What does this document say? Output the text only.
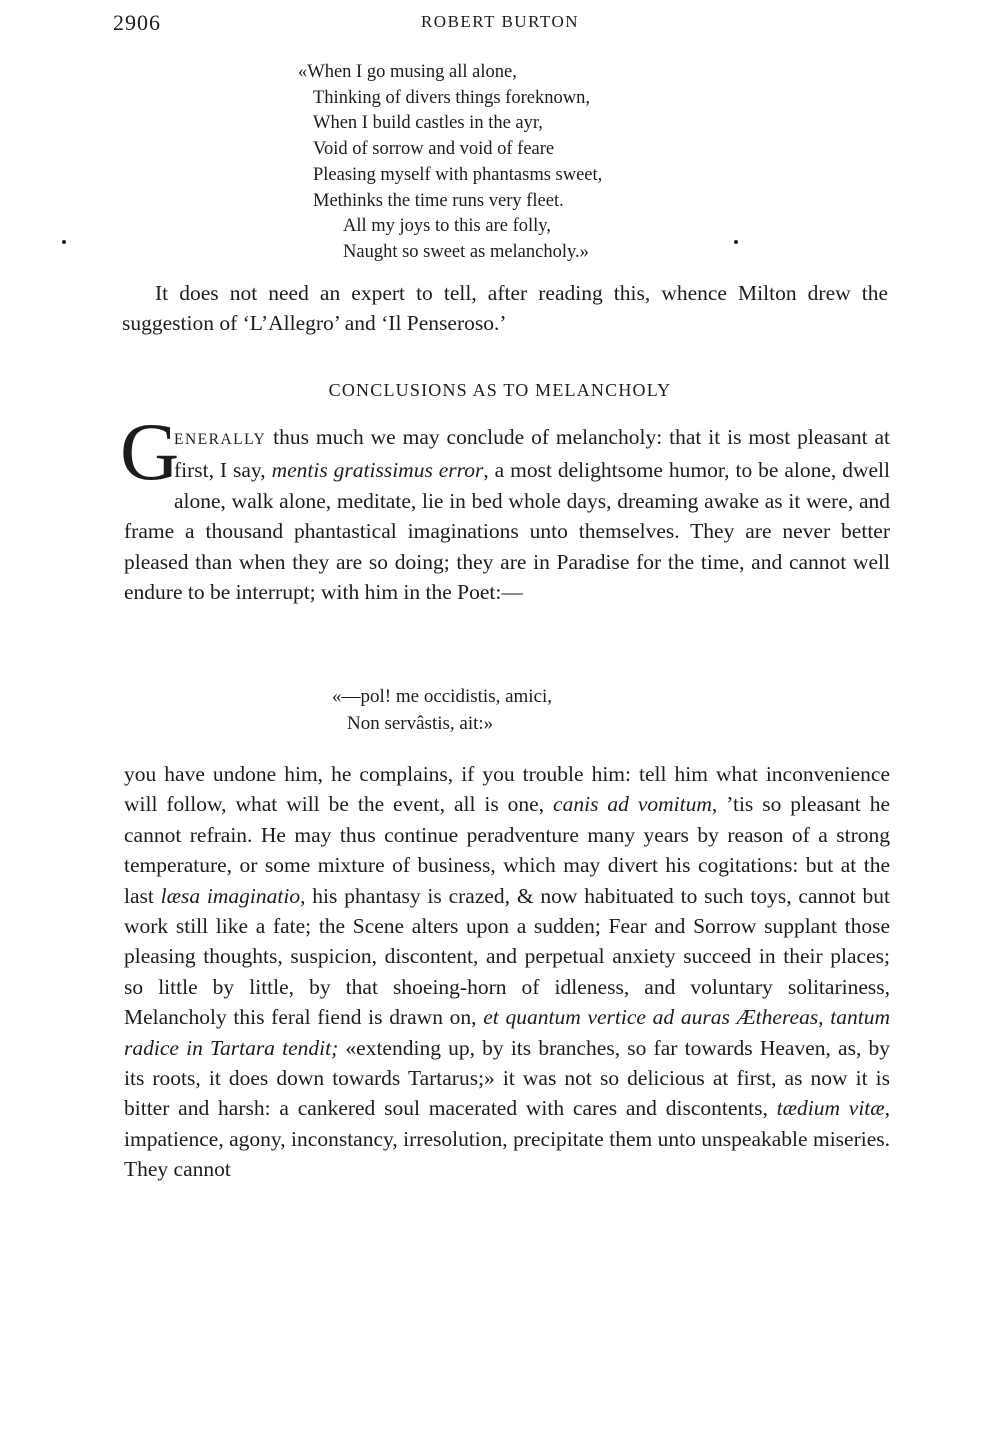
2906	ROBERT BURTON
«When I go musing all alone,
Thinking of divers things foreknown,
When I build castles in the ayr,
Void of sorrow and void of feare
Pleasing myself with phantasms sweet,
Methinks the time runs very fleet.
All my joys to this are folly,
Naught so sweet as melancholy.»

It does not need an expert to tell, after reading this, whence Milton drew the suggestion of ‘L’Allegro’ and ‘Il Penseroso.’

CONCLUSIONS AS TO MELANCHOLY
G

ENERALLY thus much we may conclude of melancholy: that it is most pleasant at first, I say, mentis gratissimus error, a most delightsome humor, to be alone, dwell alone, walk alone, meditate, lie in bed whole days, dreaming awake as it were, and frame a thousand phantastical imaginations unto themselves. They are never better pleased than when they are so doing; they are in Paradise for the time, and cannot well endure to be interrupt; with him in the Poet:—

«—pol! me occidistis, amici,
Non servâstis, ait:»

you have undone him, he complains, if you trouble him: tell him what inconvenience will follow, what will be the event, all is one, canis ad vomitum, ’tis so pleasant he cannot refrain. He may thus continue peradventure many years by reason of a strong temperature, or some mixture of business, which may divert his cogitations: but at the last læsa imaginatio, his phantasy is crazed, & now habituated to such toys, cannot but work still like a fate; the Scene alters upon a sudden; Fear and Sorrow supplant those pleasing thoughts, suspicion, discontent, and perpetual anxiety succeed in their places; so little by little, by that shoeing-horn of idleness, and voluntary solitariness, Melancholy this feral fiend is drawn on, et quantum vertice ad auras Æthereas, tantum radice in Tartara tendit; «extending up, by its branches, so far towards Heaven, as, by its roots, it does down towards Tartarus;» it was not so delicious at first, as now it is bitter and harsh: a cankered soul macerated with cares and discontents, tædium vitæ, impatience, agony, inconstancy, irresolution, precipitate them unto unspeakable miseries. They cannot
